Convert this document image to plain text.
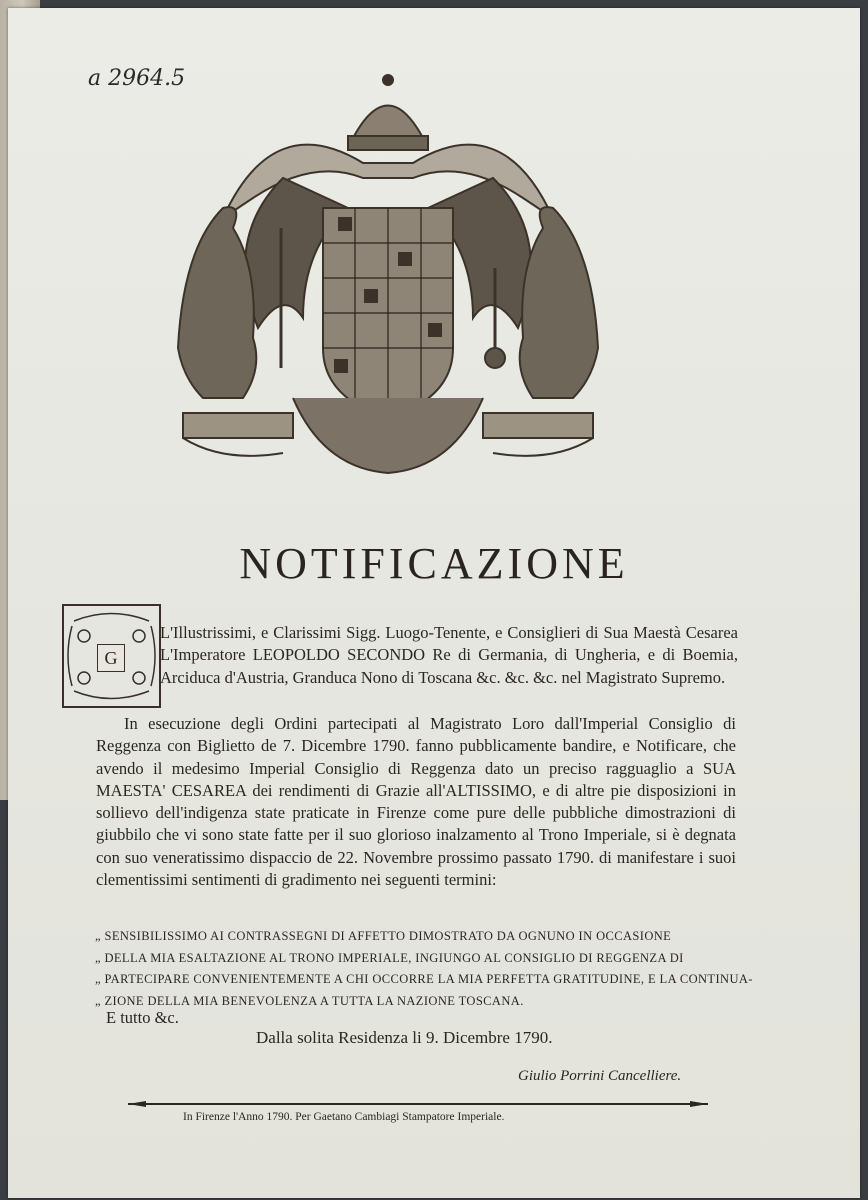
a 2964.5
NOTIFICAZIONE
G

L'Illustrissimi, e Clarissimi Sigg. Luogo-Tenente, e Consiglieri di Sua Maestà Cesarea L'Imperatore LEOPOLDO SECONDO Re di Germania, di Ungheria, e di Boemia, Arciduca d'Austria, Granduca Nono di Toscana &c. &c. &c. nel Magistrato Supremo.

In esecuzione degli Ordini partecipati al Magistrato Loro dall'Imperial Consiglio di Reggenza con Biglietto de 7. Dicembre 1790. fanno pubblicamente bandire, e Notificare, che avendo il medesimo Imperial Consiglio di Reggenza dato un preciso ragguaglio a SUA MAESTA' CESAREA dei rendimenti di Grazie all'ALTISSIMO, e di altre pie disposizioni in sollievo dell'indigenza state praticate in Firenze come pure delle pubbliche dimostrazioni di giubbilo che vi sono state fatte per il suo glorioso inalzamento al Trono Imperiale, si è degnata con suo veneratissimo dispaccio de 22. Novembre prossimo passato 1790. di manifestare i suoi clementissimi sentimenti di gradimento nei seguenti termini:

„ SENSIBILISSIMO AI CONTRASSEGNI DI AFFETTO DIMOSTRATO DA OGNUNO IN OCCASIONE
„ DELLA MIA ESALTAZIONE AL TRONO IMPERIALE, INGIUNGO AL CONSIGLIO DI REGGENZA DI
„ PARTECIPARE CONVENIENTEMENTE A CHI OCCORRE LA MIA PERFETTA GRATITUDINE, E LA CONTINUA-
„ ZIONE DELLA MIA BENEVOLENZA A TUTTA LA NAZIONE TOSCANA.
E tutto &c.
Dalla solita Residenza li 9. Dicembre 1790.
Giulio Porrini Cancelliere.
In Firenze l'Anno 1790. Per Gaetano Cambiagi Stampatore Imperiale.
